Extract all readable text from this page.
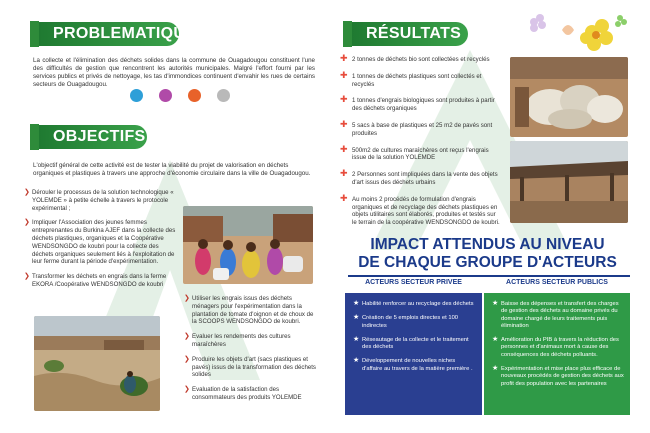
PROBLEMATIQUE
La collecte et l'élimination des déchets solides dans la commune de Ouagadougou constituent l'une des difficultés de gestion que rencontrent les autorités municipales. Malgré l'effort fourni par les services publics et privés de nettoyage, les tas d'immondices continuent d'envahir les rues de certains secteurs de Ouagadougou.
OBJECTIFS
L'objectif général de cette activité est de tester la viabilité du projet de valorisation en déchets organiques et plastiques à travers une approche d'économie circulaire dans la ville de Ouagadougou.
❯ Dérouler le processus de la solution technologique « YOLEMDE » à petite échelle à travers le protocole expérimental ;
❯ Impliquer l'Association des jeunes femmes entreprenantes du Burkina AJEF dans la collecte des déchets plastiques, organiques et la Coopérative WENDSONGDO de koubri pour la collecte des déchets organiques seulement liés à l'exploitation de leur ferme durant la période d'expérimentation.
❯ Transformer les déchets en engrais dans la ferme EKORA /Coopérative WENDSONGDO de koubri
❯ Utiliser les engrais issus des déchets ménagers pour l'expérimentation dans la plantation de tomate d'oignon et de choux de la SCOOPS WENDSONGDO de koubri.
❯ Evaluer les rendements des cultures maraîchères
❯ Produire les objets d'art (sacs plastiques et pavés) issus de la transformation des déchets solides
❯ Evaluation de la satisfaction des consommateurs des produits YOLEMDE
RÉSULTATS
✚ 2 tonnes de déchets bio sont collectées et recyclés
✚ 1 tonnes de déchets plastiques sont collectés et recyclés
✚ 1 tonnes d'engrais biologiques sont produites à partir des déchets organiques
✚ 5 sacs à base de plastiques et 25 m2 de pavés sont produites
✚ 500m2 de cultures maraîchères ont reçus l'engrais issue de la solution YOLEMDE
✚ 2 Personnes sont impliquées dans la vente des objets d'art issus des déchets urbains
✚ Au moins 2 procédés de formulation d'engrais organiques et de recyclage des déchets plastiques en objets utilitaires sont élaborés, produites et testés sur le terrain de la coopérative WENDSONGDO de koubri.
IMPACT ATTENDUS AU NIVEAU
DE CHAQUE GROUPE D'ACTEURS
ACTEURS SECTEUR PRIVEE	ACTEURS SECTEUR PUBLICS
★ Habilité renforcer au recyclage des déchets
★ Création de 5 emplois directes et 100 indirectes
★ Réseautage de la collecte et le traitement des déchets
★ Développement de nouvelles niches d'affaire au travers de la matière première .
★ Baisse des dépenses et transfert des charges de gestion des déchets au domaine privés du domaine chargé de leurs traitements puis élimination
★ Amélioration du PIB à travers la réduction des personnes et d'animaux mort à cause des conséquences des déchets polluants.
★ Expérimentation et mise place plus efficace de nouveaux procédés de gestion des déchets aux profit des population avec les partenaires
